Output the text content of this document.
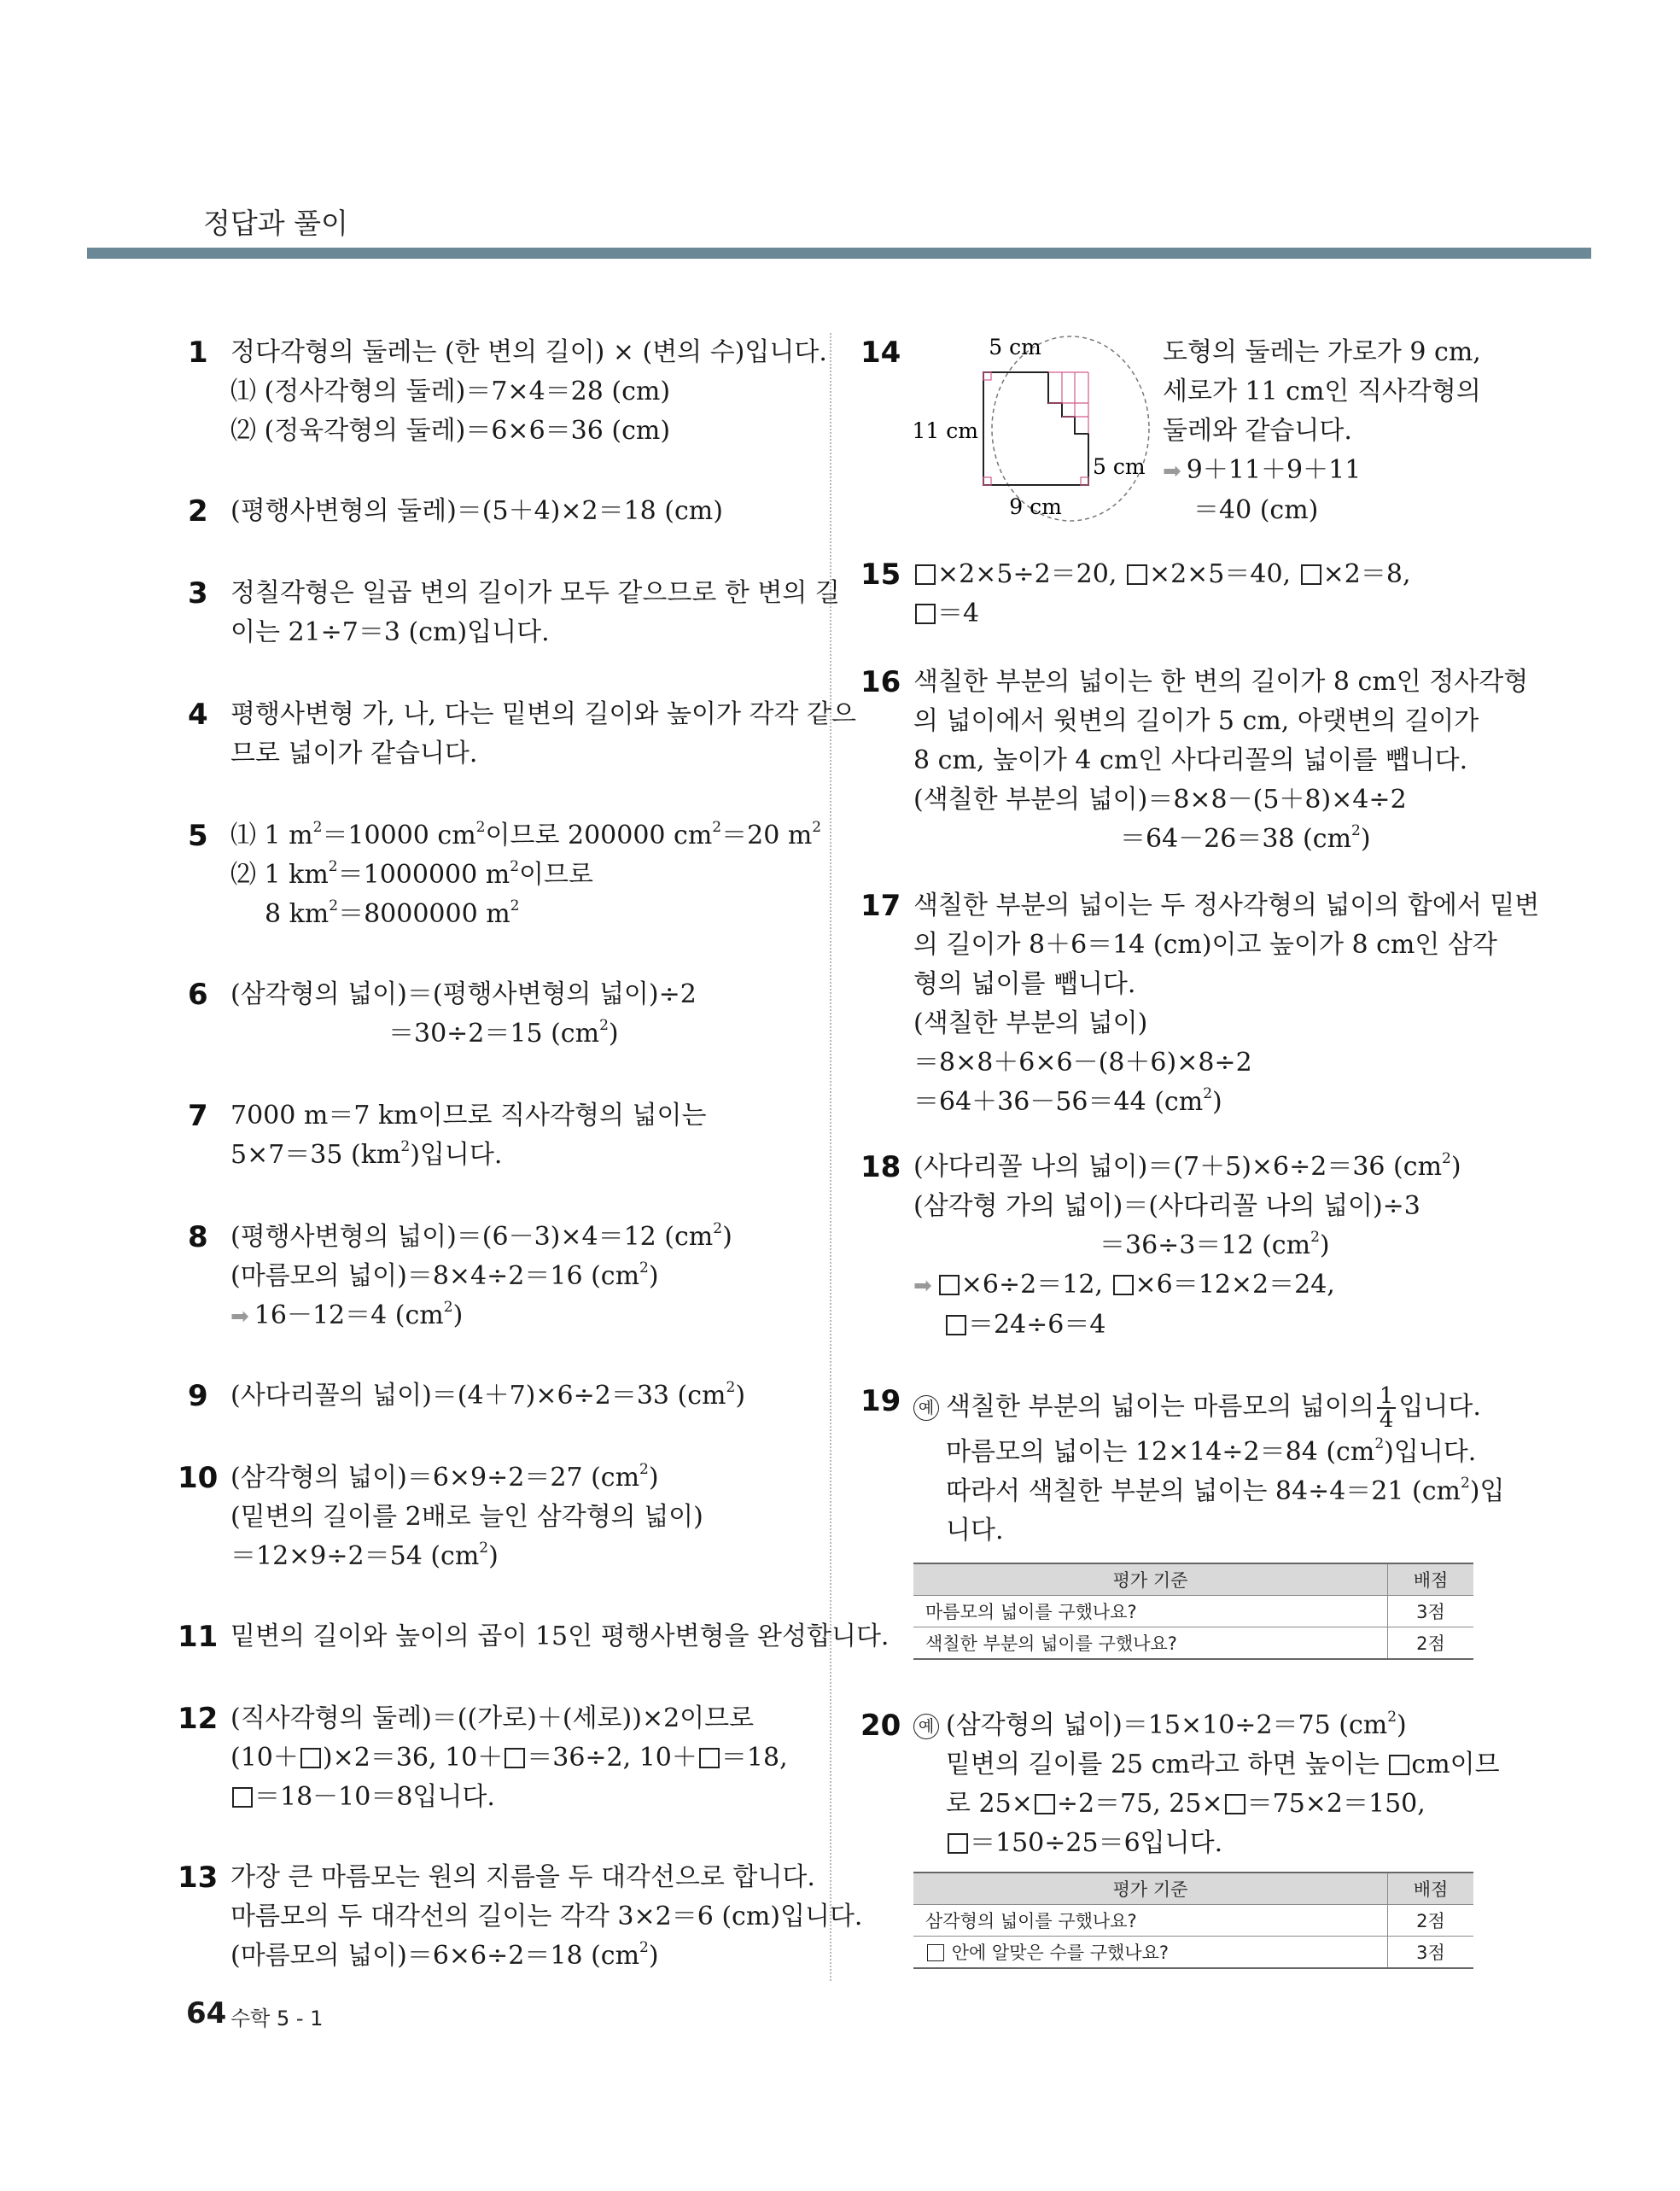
정답과 풀이
1 정다각형의 둘레는 (한 변의 길이) × (변의 수)입니다.
⑴ (정사각형의 둘레)＝7×4＝28 (cm)
⑵ (정육각형의 둘레)＝6×6＝36 (cm)
2 (평행사변형의 둘레)＝(5＋4)×2＝18 (cm)
3 정칠각형은 일곱 변의 길이가 모두 같으므로 한 변의 길
이는 21÷7＝3 (cm)입니다.
4 평행사변형 가, 나, 다는 밑변의 길이와 높이가 각각 같으
므로 넓이가 같습니다.
5 ⑴ 1 $m^2=10000$ $cm^2$이므로 200000 $cm^2=20$ $m^2$
⑵ 1 $km^2=1000000$ $m^2$이므로
8 $km^2=8000000$ $m^2$
6 (삼각형의 넓이)＝(평행사변형의 넓이)÷2
＝30÷2＝15 $(cm^2)$
7 7000 m＝7 km이므로 직사각형의 넓이는
5×7＝35 $(km^2)$입니다.
8 (평행사변형의 넓이)＝(6－3)×4＝12 $(cm^2)$
(마름모의 넓이)＝8×4÷2＝16 $(cm^2)$
➡ 16－12＝4 $(cm^2)$
9 (사다리꼴의 넓이)＝(4＋7)×6÷2＝33 $(cm^2)$
10 (삼각형의 넓이)＝6×9÷2＝27 $(cm^2)$
(밑변의 길이를 2배로 늘인 삼각형의 넓이)
＝12×9÷2＝54 $(cm^2)$
11 밑변의 길이와 높이의 곱이 15인 평행사변형을 완성합니다.
12 (직사각형의 둘레)＝((가로)＋(세로))×2이므로
(10＋ )×2＝36, 10＋ ＝36÷2, 10＋ ＝18,
＝18－10＝8입니다.
13 가장 큰 마름모는 원의 지름을 두 대각선으로 합니다.
마름모의 두 대각선의 길이는 각각 3×2＝6 (cm)입니다.
(마름모의 넓이)＝6×6÷2＝18 $(cm^2)$
14	5 cm
11 cm
5 cm
9 cm
도형의 둘레는 가로가 9 cm,
세로가 11 cm인 직사각형의
둘레와 같습니다.
➡ 9＋11＋9＋11
＝40 (cm)
15	×2×5÷2＝20, ×2×5＝40, ×2＝8,
＝4
16 색칠한 부분의 넓이는 한 변의 길이가 8 cm인 정사각형
의 넓이에서 윗변의 길이가 5 cm, 아랫변의 길이가
8 cm, 높이가 4 cm인 사다리꼴의 넓이를 뺍니다.
(색칠한 부분의 넓이)＝8×8－(5＋8)×4÷2
＝64－26＝38 $(cm^2)$
17 색칠한 부분의 넓이는 두 정사각형의 넓이의 합에서 밑변
의 길이가 8＋6＝14 (cm)이고 높이가 8 cm인 삼각
형의 넓이를 뺍니다.
(색칠한 부분의 넓이)
＝8×8＋6×6－(8＋6)×8÷2
＝64＋36－56＝44 $(cm^2)$
18 (사다리꼴 나의 넓이)＝(7＋5)×6÷2＝36 $(cm^2)$
(삼각형 가의 넓이)＝(사다리꼴 나의 넓이)÷3
＝36÷3＝12 $(cm^2)$
➡ ×6÷2＝12, ×6＝12×2＝24,
＝24÷6＝4
19	예 색칠한 부분의 넓이는 마름모의 넓이의 $\frac{1}{4}$ 입니다.
마름모의 넓이는 12×14÷2＝84 $(cm^2)$입니다.
따라서 색칠한 부분의 넓이는 84÷4＝21 $(cm^2)$입
니다.
평가 기준	배점
마름모의 넓이를 구했나요?	3점
색칠한 부분의 넓이를 구했나요?	2점
20	예 (삼각형의 넓이)＝15×10÷2＝75 $(cm^2)$
밑변의 길이를 25 cm라고 하면 높이는 cm이므
로 25× ÷2＝75, 25× ＝75×2＝150,
＝150÷25＝6입니다.
평가 기준	배점
삼각형의 넓이를 구했나요?	2점
안에 알맞은 수를 구했나요?	3점
64 수학 5 - 1
